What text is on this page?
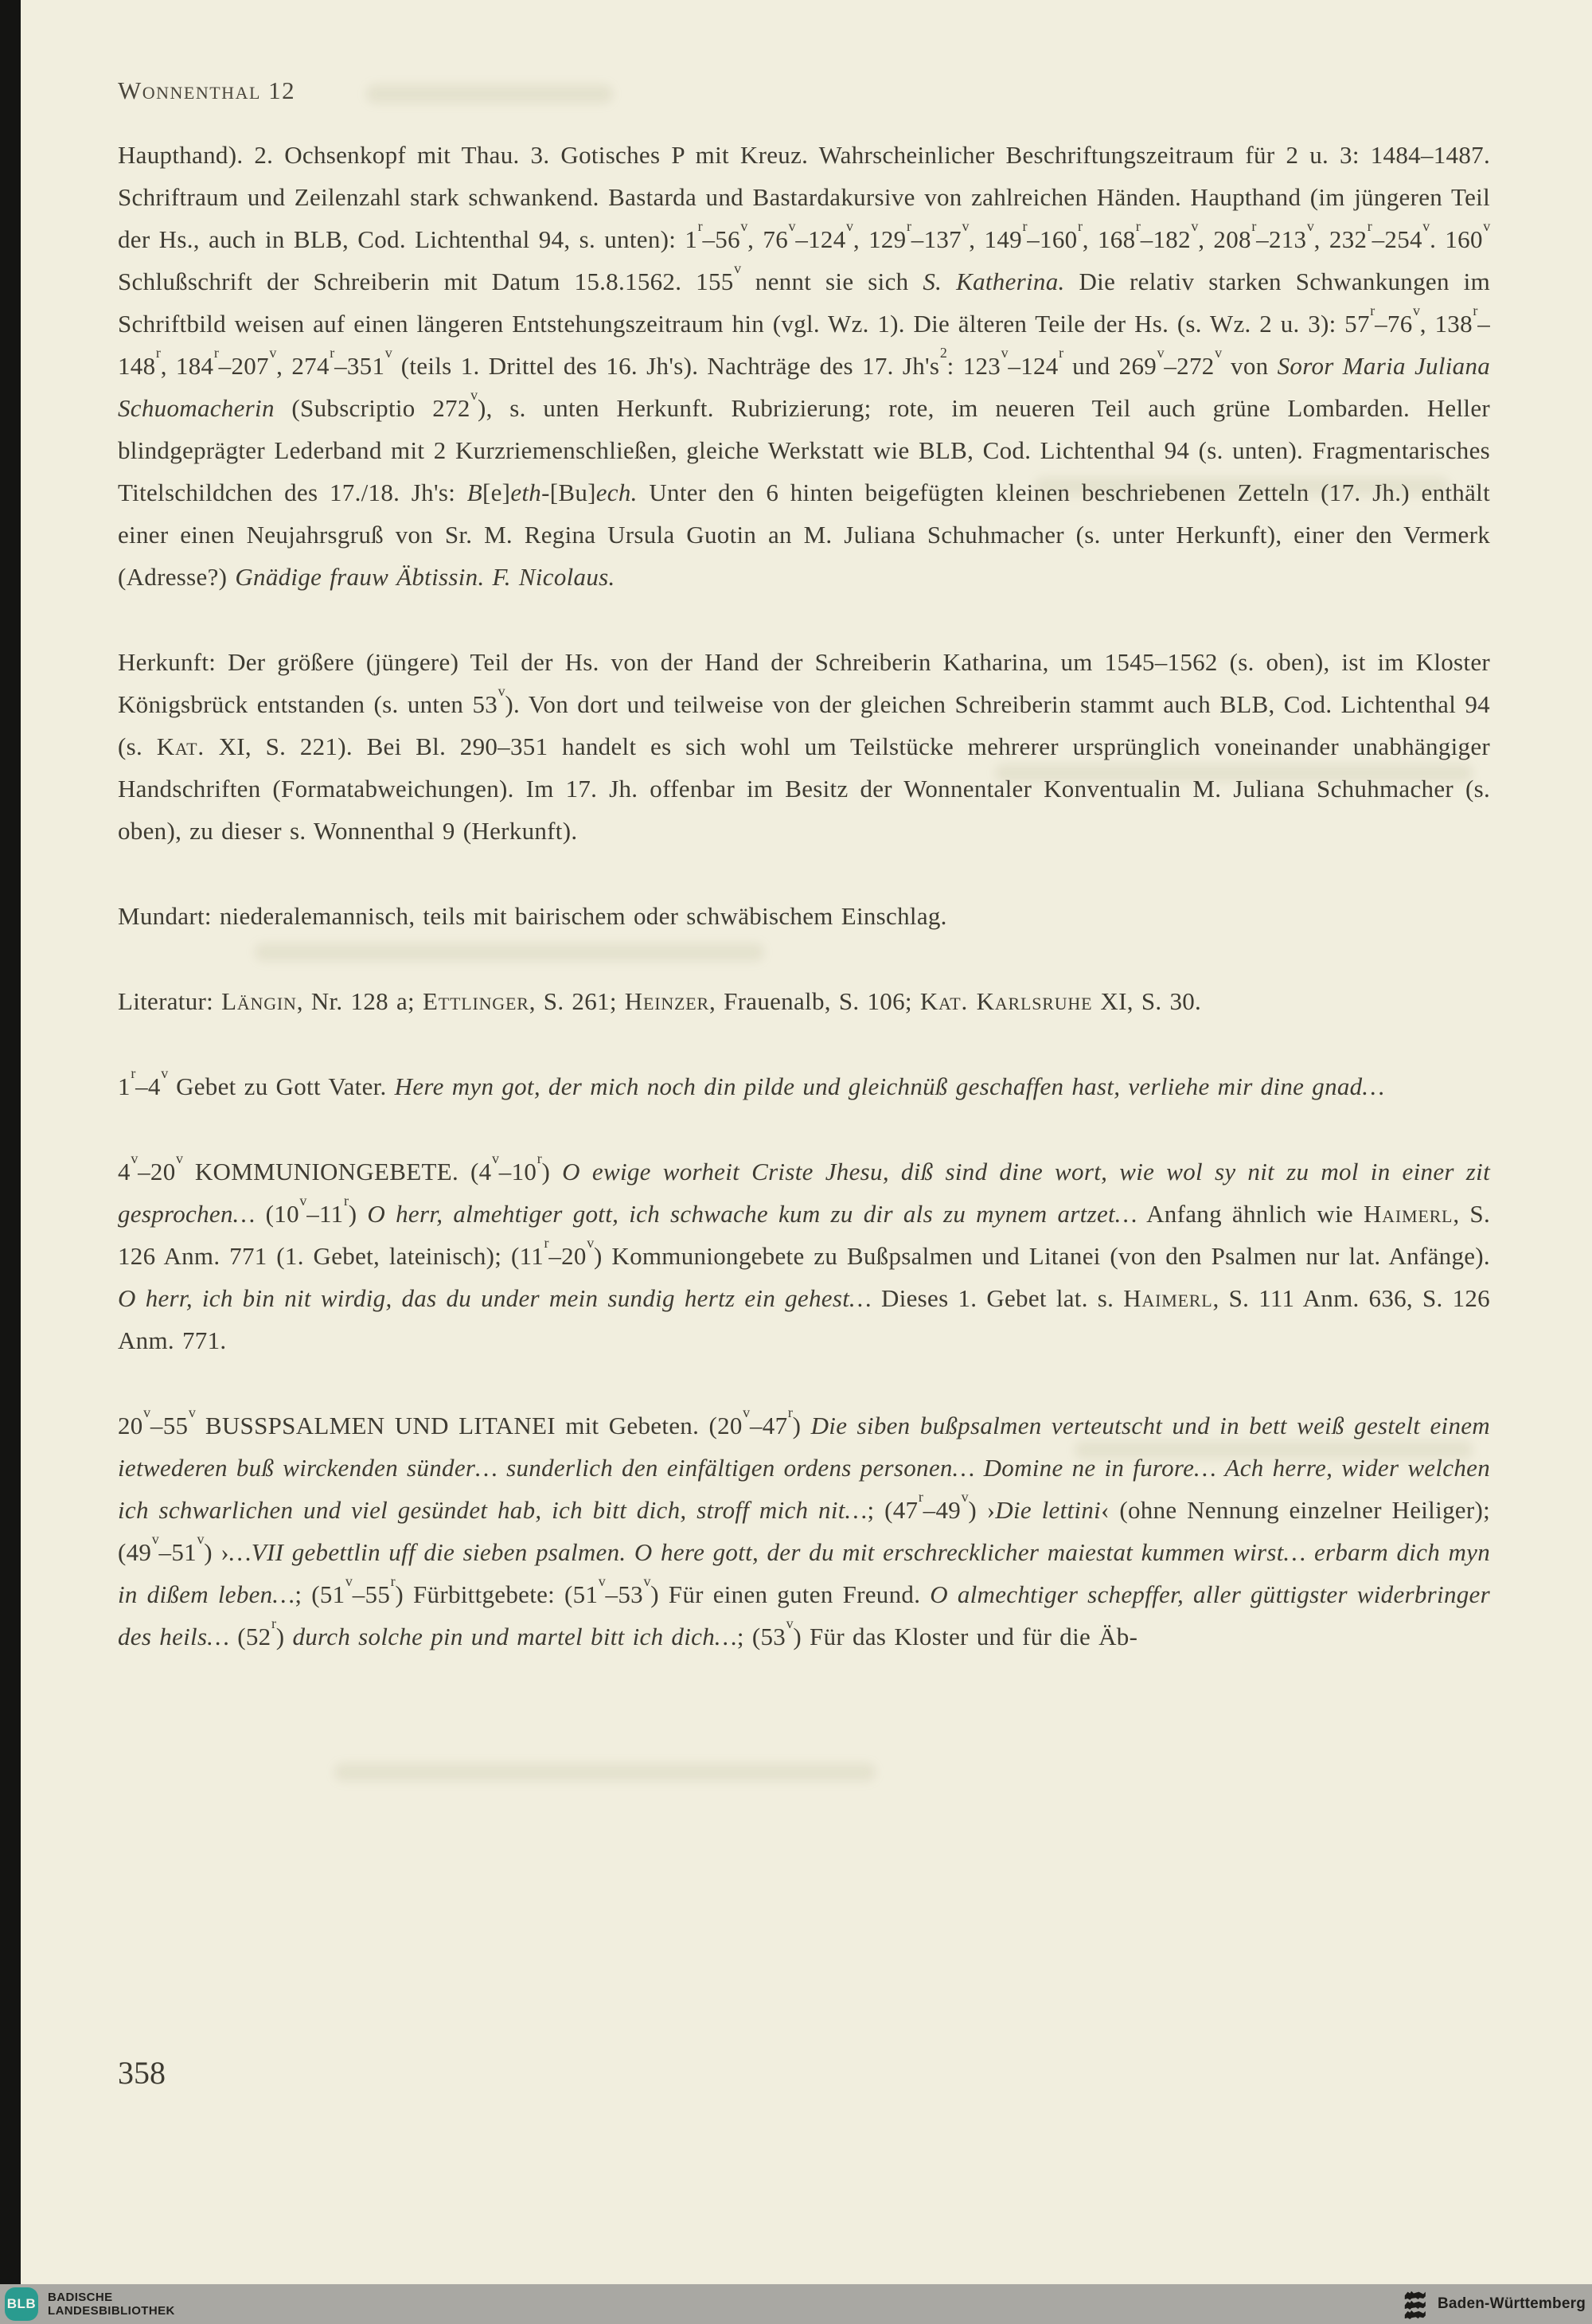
Wonnenthal 12

Haupthand). 2. Ochsenkopf mit Thau. 3. Gotisches P mit Kreuz. Wahrscheinlicher Beschriftungszeitraum für 2 u. 3: 1484–1487. Schriftraum und Zeilenzahl stark schwankend. Bastarda und Bastardakursive von zahlreichen Händen. Haupthand (im jüngeren Teil der Hs., auch in BLB, Cod. Lichtenthal 94, s. unten): 1$^r$–56$^v$, 76$^v$–124$^v$, 129$^r$–137$^v$, 149$^r$–160$^r$, 168$^r$–182$^v$, 208$^r$–213$^v$, 232$^r$–254$^v$. 160$^v$ Schlußschrift der Schreiberin mit Datum 15.8.1562. 155$^v$ nennt sie sich S. Katherina. Die relativ starken Schwankungen im Schriftbild weisen auf einen längeren Entstehungszeitraum hin (vgl. Wz. 1). Die älteren Teile der Hs. (s. Wz. 2 u. 3): 57$^r$–76$^v$, 138$^r$–148$^r$, 184$^r$–207$^v$, 274$^r$–351$^v$ (teils 1. Drittel des 16. Jh's). Nachträge des 17. $Jh's^2$: 123$^v$–124$^r$ und 269$^v$–272$^v$ von Soror Maria Juliana Schuomacherin (Subscriptio 272$^v$), s. unten Herkunft. Rubrizierung; rote, im neueren Teil auch grüne Lombarden. Heller blindgeprägter Lederband mit 2 Kurzriemenschließen, gleiche Werkstatt wie BLB, Cod. Lichtenthal 94 (s. unten). Fragmentarisches Titelschildchen des 17./18. Jh's: B[e]eth-[Bu]ech. Unter den 6 hinten beigefügten kleinen beschriebenen Zetteln (17. Jh.) enthält einer einen Neujahrsgruß von Sr. M. Regina Ursula Guotin an M. Juliana Schuhmacher (s. unter Herkunft), einer den Vermerk (Adresse?) Gnädige frauw Äbtissin. F. Nicolaus.

Herkunft: Der größere (jüngere) Teil der Hs. von der Hand der Schreiberin Katharina, um 1545–1562 (s. oben), ist im Kloster Königsbrück entstanden (s. unten 53$^v$). Von dort und teilweise von der gleichen Schreiberin stammt auch BLB, Cod. Lichtenthal 94 (s. Kat. XI, S. 221). Bei Bl. 290–351 handelt es sich wohl um Teilstücke mehrerer ursprünglich voneinander unabhängiger Handschriften (Formatabweichungen). Im 17. Jh. offenbar im Besitz der Wonnentaler Konventualin M. Juliana Schuhmacher (s. oben), zu dieser s. Wonnenthal 9 (Herkunft).

Mundart: niederalemannisch, teils mit bairischem oder schwäbischem Einschlag.

Literatur: Längin, Nr. 128 a; Ettlinger, S. 261; Heinzer, Frauenalb, S. 106; Kat. Karlsruhe XI, S. 30.

1$^r$–4$^v$ Gebet zu Gott Vater. Here myn got, der mich noch din pilde und gleichnüß geschaffen hast, verliehe mir dine gnad…

4$^v$–20$^v$ KOMMUNIONGEBETE. (4$^v$–10$^r$) O ewige worheit Criste Jhesu, diß sind dine wort, wie wol sy nit zu mol in einer zit gesprochen… (10$^v$–11$^r$) O herr, almehtiger gott, ich schwache kum zu dir als zu mynem artzet… Anfang ähnlich wie Haimerl, S. 126 Anm. 771 (1. Gebet, lateinisch); (11$^r$–20$^v$) Kommuniongebete zu Bußpsalmen und Litanei (von den Psalmen nur lat. Anfänge). O herr, ich bin nit wirdig, das du under mein sundig hertz ein gehest… Dieses 1. Gebet lat. s. Haimerl, S. 111 Anm. 636, S. 126 Anm. 771.

20$^v$–55$^v$ BUSSPSALMEN UND LITANEI mit Gebeten. (20$^v$–47$^r$) Die siben bußpsalmen verteutscht und in bett weiß gestelt einem ietwederen buß wirckenden sünder… sunderlich den einfältigen ordens personen… Domine ne in furore… Ach herre, wider welchen ich schwarlichen und viel gesündet hab, ich bitt dich, stroff mich nit…; (47$^r$–49$^v$) ›Die lettini‹ (ohne Nennung einzelner Heiliger); (49$^v$–51$^v$) ›…VII gebettlin uff die sieben psalmen. O here gott, der du mit erschrecklicher maiestat kummen wirst… erbarm dich myn in dißem leben…; (51$^v$–55$^r$) Fürbittgebete: (51$^v$–53$^v$) Für einen guten Freund. O almechtiger schepffer, aller güttigster widerbringer des heils… (52$^r$) durch solche pin und martel bitt ich dich…; (53$^v$) Für das Kloster und für die Äb-

358
BLB BADISCHE
LANDESBIBLIOTHEK	Baden-Württemberg
